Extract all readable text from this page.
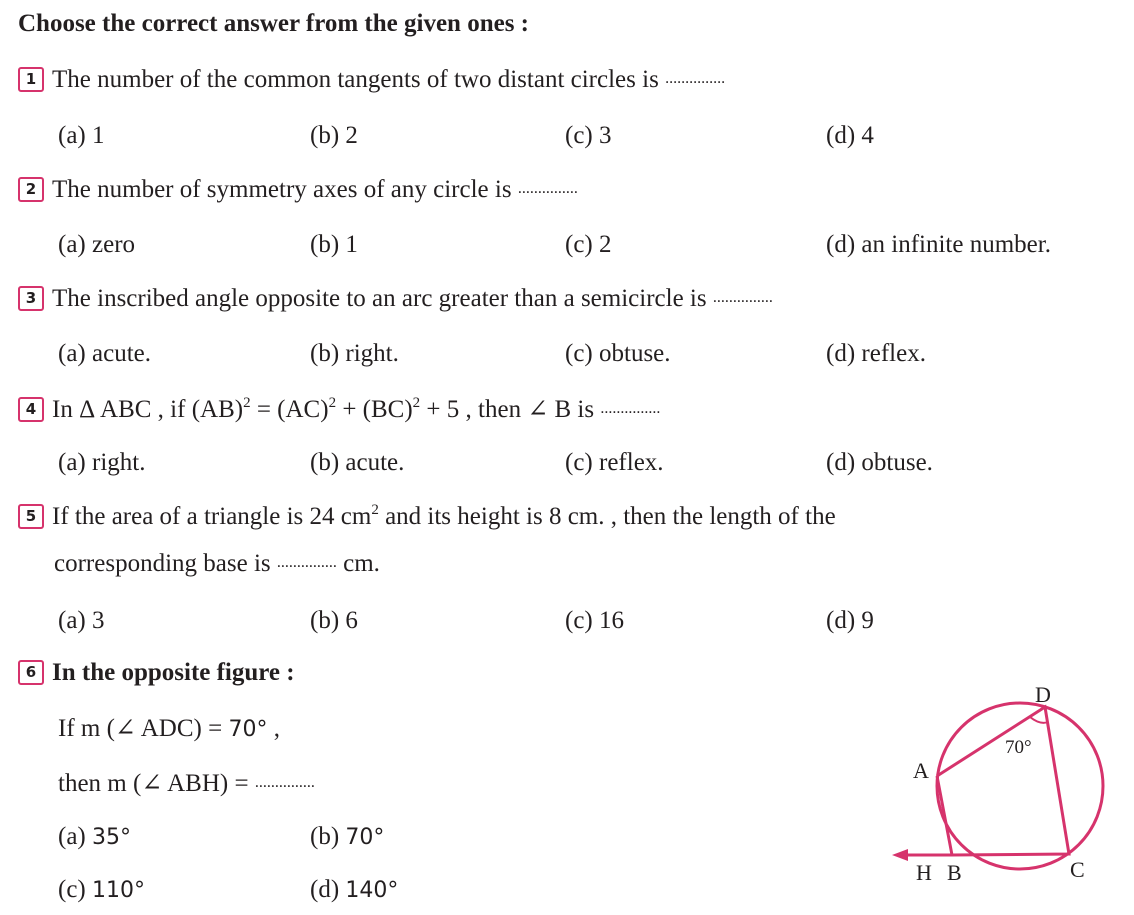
Choose the correct answer from the given ones :
1 The number of the common tangents of two distant circles is ...............
(a) 1	(b) 2	(c) 3	(d) 4
2 The number of symmetry axes of any circle is ...............
(a) zero	(b) 1	(c) 2	(d) an infinite number.
3 The inscribed angle opposite to an arc greater than a semicircle is ...............
(a) acute.	(b) right.	(c) obtuse.	(d) reflex.
4 In Δ ABC , if (AB)$^2$ = (AC)$^2$ + (BC)$^2$ + 5 , then ∠ B is ...............
(a) right.	(b) acute.	(c) reflex.	(d) obtuse.
5 If the area of a triangle is 24 $cm^2$ and its height is 8 cm. , then the length of the
corresponding base is ............... cm.
(a) 3	(b) 6	(c) 16	(d) 9
6 In the opposite figure :
If m (∠ ADC) = 70° ,
then m (∠ ABH) = ...............
(a) 35°	(b) 70°
(c) 110°	(d) 140°
70°
D
A
H B	C
